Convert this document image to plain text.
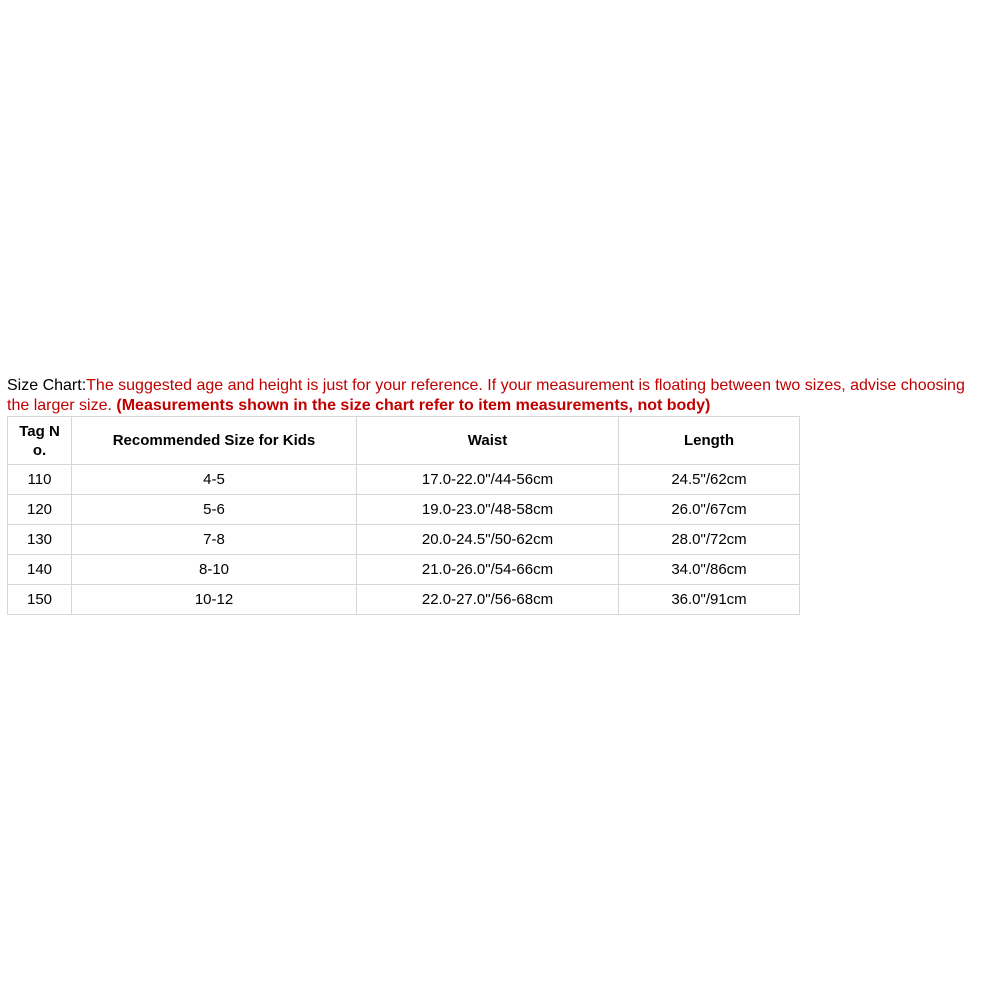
Size Chart:The suggested age and height is just for your reference. If your measurement is floating between two sizes, advise choosing
the larger size. (Measurements shown in the size chart refer to item measurements, not body)
Tag N
o.	Recommended Size for Kids	Waist	Length
110	4-5	17.0-22.0"/44-56cm	24.5"/62cm
120	5-6	19.0-23.0"/48-58cm	26.0"/67cm
130	7-8	20.0-24.5"/50-62cm	28.0"/72cm
140	8-10	21.0-26.0"/54-66cm	34.0"/86cm
150	10-12	22.0-27.0"/56-68cm	36.0"/91cm
